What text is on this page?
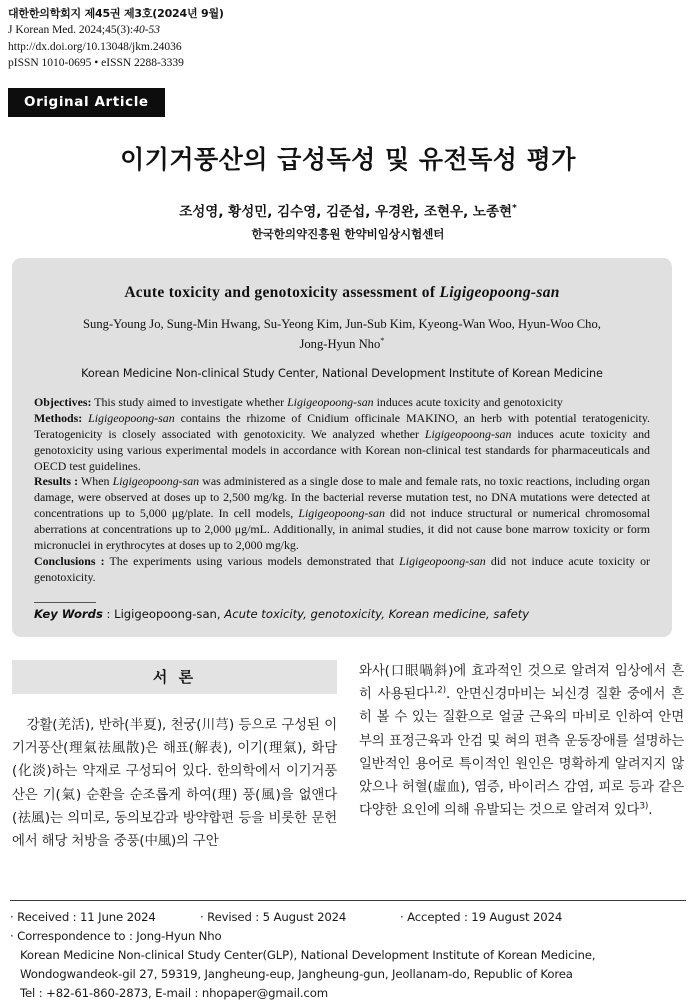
대한한의학회지 제45권 제3호(2024년 9월)
J Korean Med. 2024;45(3):40-53
http://dx.doi.org/10.13048/jkm.24036
pISSN 1010-0695 • eISSN 2288-3339
Original Article
이기거풍산의 급성독성 및 유전독성 평가
조성영, 황성민, 김수영, 김준섭, 우경완, 조현우, 노종현*
한국한의약진흥원 한약비임상시험센터
Acute toxicity and genotoxicity assessment of Ligigeopoong-san
Sung-Young Jo, Sung-Min Hwang, Su-Yeong Kim, Jun-Sub Kim, Kyeong-Wan Woo, Hyun-Woo Cho,
Jong-Hyun Nho*
Korean Medicine Non-clinical Study Center, National Development Institute of Korean Medicine

Objectives: This study aimed to investigate whether Ligigeopoong-san induces acute toxicity and genotoxicity

Methods: Ligigeopoong-san contains the rhizome of Cnidium officinale MAKINO, an herb with potential teratogenicity. Teratogenicity is closely associated with genotoxicity. We analyzed whether Ligigeopoong-san induces acute toxicity and genotoxicity using various experimental models in accordance with Korean non-clinical test standards for pharmaceuticals and OECD test guidelines.

Results : When Ligigeopoong-san was administered as a single dose to male and female rats, no toxic reactions, including organ damage, were observed at doses up to 2,500 mg/kg. In the bacterial reverse mutation test, no DNA mutations were detected at concentrations up to 5,000 μg/plate. In cell models, Ligigeopoong-san did not induce structural or numerical chromosomal aberrations at concentrations up to 2,000 μg/mL. Additionally, in animal studies, it did not cause bone marrow toxicity or form micronuclei in erythrocytes at doses up to 2,000 mg/kg.

Conclusions : The experiments using various models demonstrated that Ligigeopoong-san did not induce acute toxicity or genotoxicity.

Key Words : Ligigeopoong-san, Acute toxicity, genotoxicity, Korean medicine, safety
서 론

강활(羌活), 반하(半夏), 천궁(川芎) 등으로 구성된 이기거풍산(理氣祛風散)은 해표(解表), 이기(理氣), 화담(化淡)하는 약재로 구성되어 있다. 한의학에서 이기거풍산은 기(氣) 순환을 순조롭게 하여(理) 풍(風)을 없앤다(祛風)는 의미로, 동의보감과 방약합편 등을 비롯한 문헌에서 해당 처방을 중풍(中風)의 구안

와사(口眼喎斜)에 효과적인 것으로 알려져 임상에서 흔히 사용된다$^{1,2)}$. 안면신경마비는 뇌신경 질환 중에서 흔히 볼 수 있는 질환으로 얼굴 근육의 마비로 인하여 안면부의 표정근육과 안검 및 혀의 편측 운동장애를 설명하는 일반적인 용어로 특이적인 원인은 명확하게 알려지지 않았으나 허혈(虛血), 염증, 바이러스 감염, 피로 등과 같은 다양한 요인에 의해 유발되는 것으로 알려져 있다$^{3)}$.

· Received : 11 June 2024	· Revised : 5 August 2024	· Accepted : 19 August 2024
· Correspondence to : Jong-Hyun Nho
Korean Medicine Non-clinical Study Center(GLP), National Development Institute of Korean Medicine,
Wondogwandeok-gil 27, 59319, Jangheung-eup, Jangheung-gun, Jeollanam-do, Republic of Korea
Tel : +82-61-860-2873, E-mail : nhopaper@gmail.com
